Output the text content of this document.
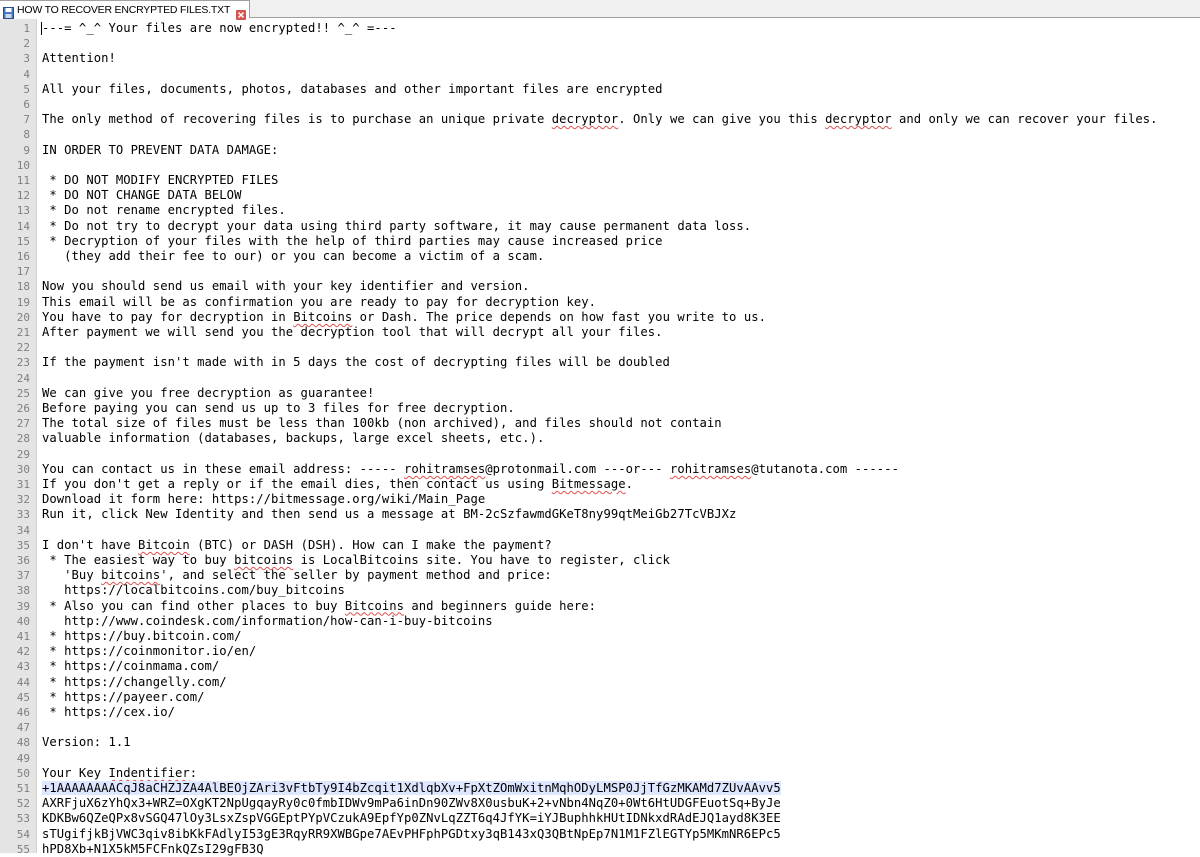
HOW TO RECOVER ENCRYPTED FILES.TXT
1 ---= ^_^ Your files are now encrypted!! ^_^ =---
2
3 Attention!
4
5 All your files, documents, photos, databases and other important files are encrypted
6
7 The only method of recovering files is to purchase an unique private decryptor. Only we can give you this decryptor and only we can recover your files.
8
9 IN ORDER TO PREVENT DATA DAMAGE:
10
11 * DO NOT MODIFY ENCRYPTED FILES
12 * DO NOT CHANGE DATA BELOW
13 * Do not rename encrypted files.
14 * Do not try to decrypt your data using third party software, it may cause permanent data loss.
15 * Decryption of your files with the help of third parties may cause increased price
16 (they add their fee to our) or you can become a victim of a scam.
17
18 Now you should send us email with your key identifier and version.
19 This email will be as confirmation you are ready to pay for decryption key.
20 You have to pay for decryption in Bitcoins or Dash. The price depends on how fast you write to us.
21 After payment we will send you the decryption tool that will decrypt all your files.
22
23 If the payment isn't made with in 5 days the cost of decrypting files will be doubled
24
25 We can give you free decryption as guarantee!
26 Before paying you can send us up to 3 files for free decryption.
27 The total size of files must be less than 100kb (non archived), and files should not contain
28 valuable information (databases, backups, large excel sheets, etc.).
29
30 You can contact us in these email address: ----- rohitramses@protonmail.com ---or--- rohitramses@tutanota.com ------
31 If you don't get a reply or if the email dies, then contact us using Bitmessage.
32 Download it form here: https://bitmessage.org/wiki/Main_Page
33 Run it, click New Identity and then send us a message at BM-2cSzfawmdGKeT8ny99qtMeiGb27TcVBJXz
34
35 I don't have Bitcoin (BTC) or DASH (DSH). How can I make the payment?
36 * The easiest way to buy bitcoins is LocalBitcoins site. You have to register, click
37 'Buy bitcoins', and select the seller by payment method and price:
38 https://localbitcoins.com/buy_bitcoins
39 * Also you can find other places to buy Bitcoins and beginners guide here:
40 http://www.coindesk.com/information/how-can-i-buy-bitcoins
41 * https://buy.bitcoin.com/
42 * https://coinmonitor.io/en/
43 * https://coinmama.com/
44 * https://changelly.com/
45 * https://payeer.com/
46 * https://cex.io/
47
48 Version: 1.1
49
50 Your Key Indentifier:
51 +1AAAAAAAACqJ8aCHZJZA4AlBEOjZAri3vFtbTy9I4bZcqit1XdlqbXv+FpXtZOmWxitnMqhODyLMSP0JjTfGzMKAMd7ZUvAAvv5
52 AXRFjuX6zYhQx3+WRZ=OXgKT2NpUgqayRy0c0fmbIDWv9mPa6inDn90ZWv8X0usbuK+2+vNbn4NqZ0+0Wt6HtUDGFEuotSq+ByJe
53 KDKBw6QZeQPx8vSGQ47lOy3LsxZspVGGEptPYpVCzukA9EpfYp0ZNvLqZZT6q4JfYK=iYJBuphhkHUtIDNkxdRAdEJQ1ayd8K3EE
54 sTUgifjkBjVWC3qiv8ibKkFAdlyI53gE3RqyRR9XWBGpe7AEvPHFphPGDtxy3qB143xQ3QBtNpEp7N1M1FZlEGTYp5MKmNR6EPc5
55 hPD8Xb+N1X5kM5FCFnkQZsI29gFB3Q
